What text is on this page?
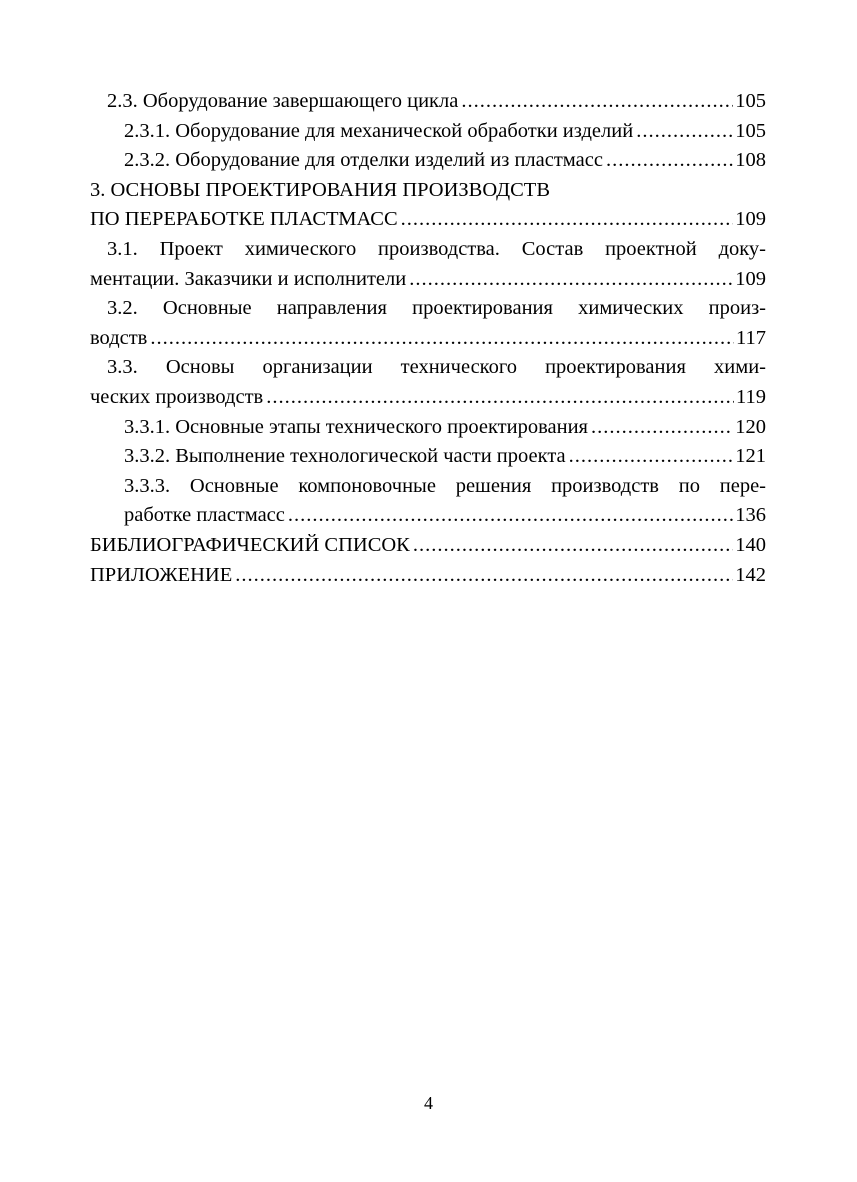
2.3. Оборудование завершающего цикла .....	105
2.3.1. Оборудование для механической обработки изделий .....	105
2.3.2. Оборудование для отделки изделий из пластмасс .....	108
3. ОСНОВЫ ПРОЕКТИРОВАНИЯ ПРОИЗВОДСТВ
ПО ПЕРЕРАБОТКЕ ПЛАСТМАСС .....	109
3.1. Проект химического производства. Состав проектной доку-
ментации. Заказчики и исполнители .....	109
3.2. Основные направления проектирования химических произ-
водств .....	117
3.3. Основы организации технического проектирования хими-
ческих производств .....	119
3.3.1. Основные этапы технического проектирования .....	120
3.3.2. Выполнение технологической части проекта .....	121
3.3.3. Основные компоновочные решения производств по пере-
работке пластмасс .....	136
БИБЛИОГРАФИЧЕСКИЙ СПИСОК .....	140
ПРИЛОЖЕНИЕ .....	142
4
